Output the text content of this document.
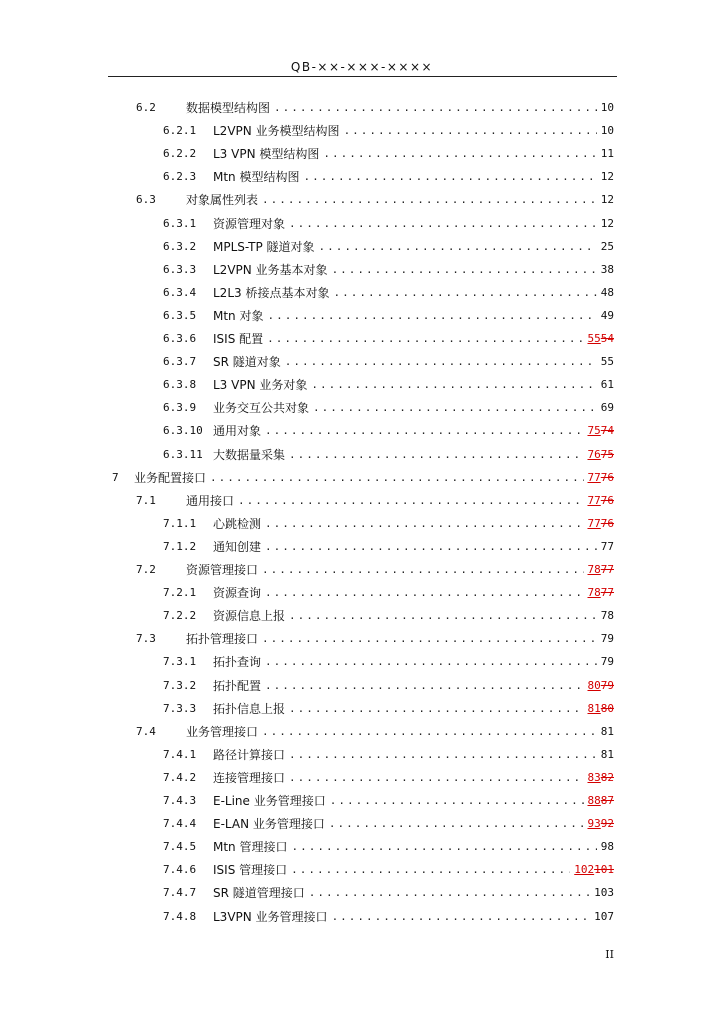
QB-××-×××-××××
6.2	数据模型结构图 .....	10
6.2.1	L2VPN 业务模型结构图 .....	10
6.2.2	L3 VPN 模型结构图 .....	11
6.2.3	Mtn 模型结构图 .....	12
6.3	对象属性列表 .....	12
6.3.1	资源管理对象 .....	12
6.3.2	MPLS-TP 隧道对象 .....	25
6.3.3	L2VPN 业务基本对象 .....	38
6.3.4	L2L3 桥接点基本对象 .....	48
6.3.5	Mtn 对象 .....	49
6.3.6	ISIS 配置 .....	5554
6.3.7	SR 隧道对象 .....	55
6.3.8	L3 VPN 业务对象 .....	61
6.3.9	业务交互公共对象 .....	69
6.3.10 通用对象 .....	7574
6.3.11 大数据量采集 .....	7675
7	业务配置接口 .....	7776
7.1	通用接口 .....	7776
7.1.1	心跳检测 .....	7776
7.1.2	通知创建 .....	77
7.2	资源管理接口 .....	7877
7.2.1	资源查询 .....	7877
7.2.2	资源信息上报 .....	78
7.3	拓扑管理接口 .....	79
7.3.1	拓扑查询 .....	79
7.3.2	拓扑配置 .....	8079
7.3.3	拓扑信息上报 .....	8180
7.4	业务管理接口 .....	81
7.4.1	路径计算接口 .....	81
7.4.2	连接管理接口 .....	8382
7.4.3	E-Line 业务管理接口 .....	8887
7.4.4	E-LAN 业务管理接口 .....	9392
7.4.5	Mtn 管理接口 .....	98
7.4.6	ISIS 管理接口 .....	102101
7.4.7	SR 隧道管理接口 .....	103
7.4.8	L3VPN 业务管理接口 .....	107
II
